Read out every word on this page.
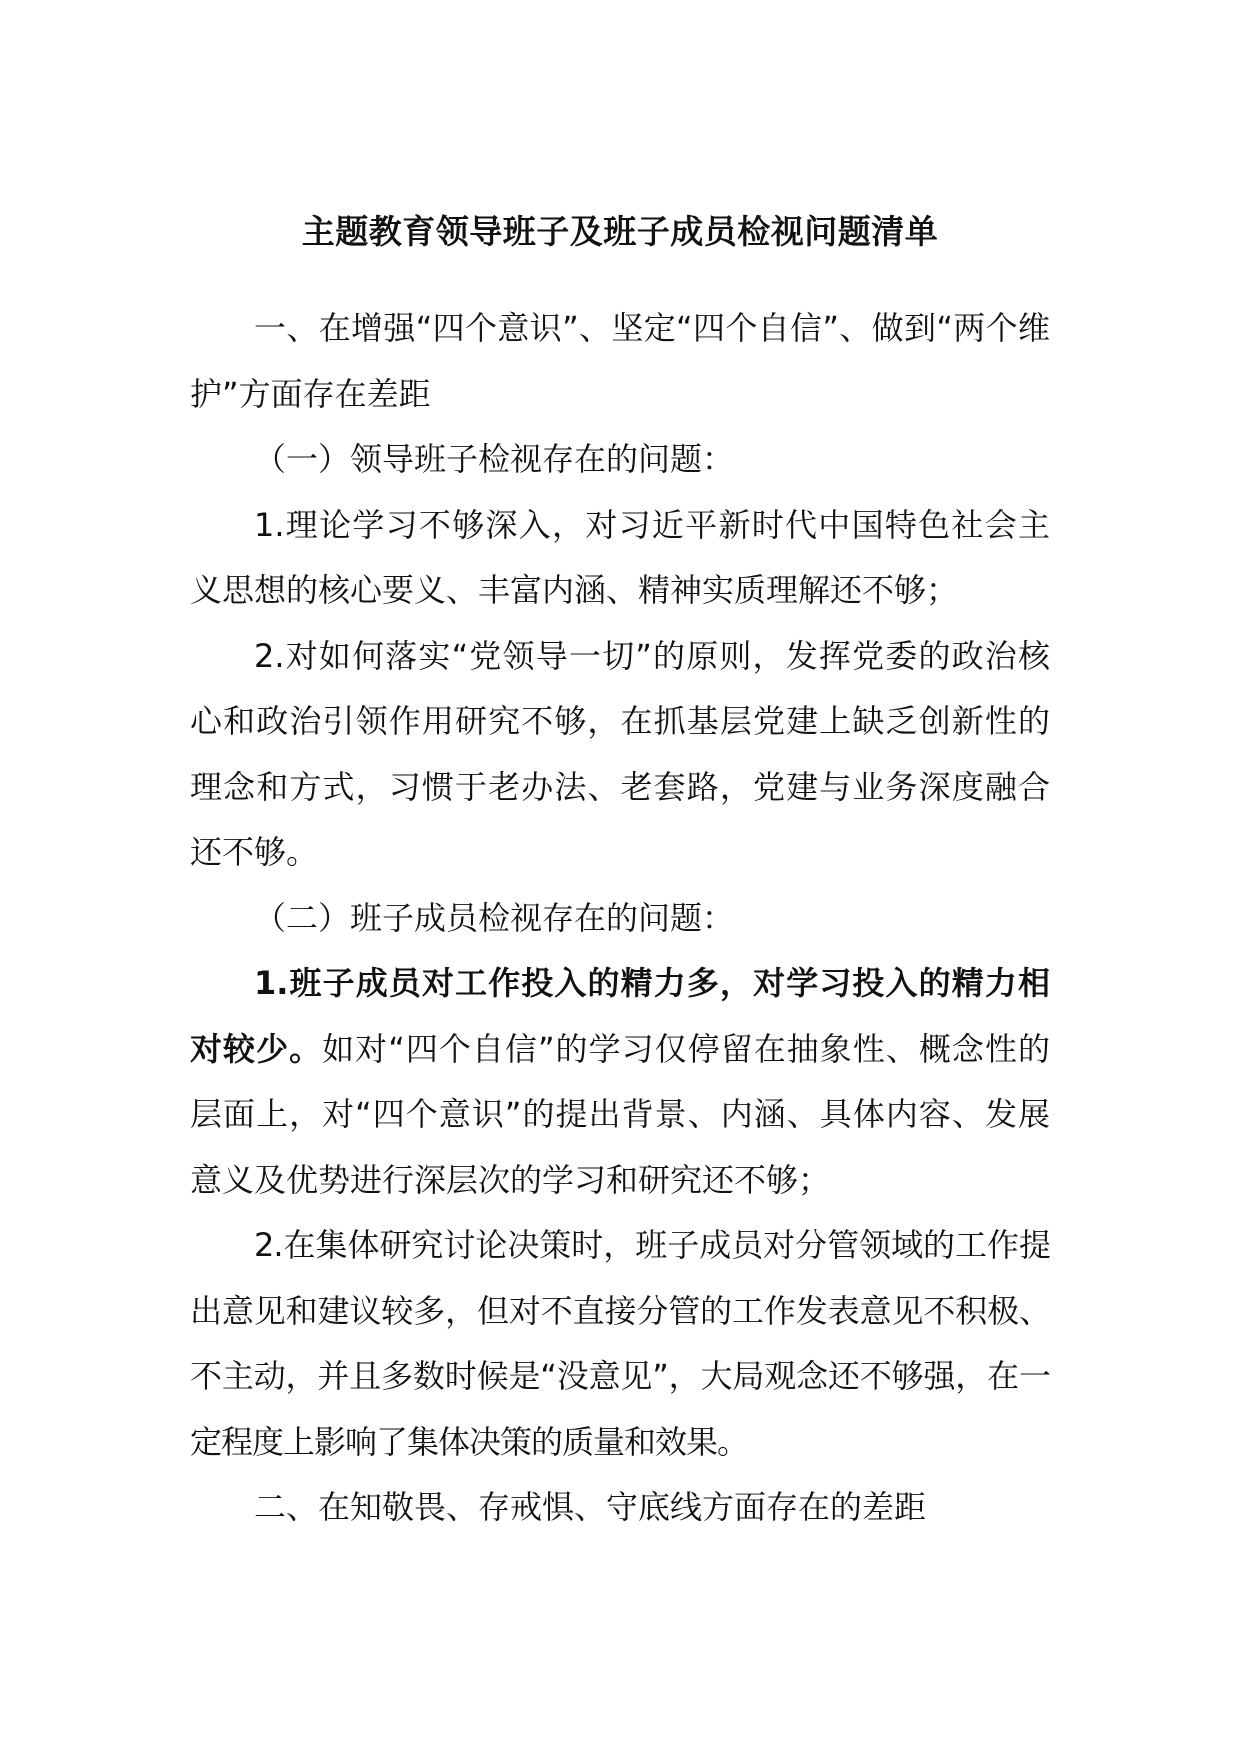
主题教育领导班子及班子成员检视问题清单

一、在增强“四个意识”、坚定“四个自信”、做到“两个维护”方面存在差距

（一）领导班子检视存在的问题：

1.理论学习不够深入，对习近平新时代中国特色社会主义思想的核心要义、丰富内涵、精神实质理解还不够；

2.对如何落实“党领导一切”的原则，发挥党委的政治核心和政治引领作用研究不够，在抓基层党建上缺乏创新性的理念和方式，习惯于老办法、老套路，党建与业务深度融合还不够。

（二）班子成员检视存在的问题：

1.班子成员对工作投入的精力多，对学习投入的精力相对较少。如对“四个自信”的学习仅停留在抽象性、概念性的层面上，对“四个意识”的提出背景、内涵、具体内容、发展意义及优势进行深层次的学习和研究还不够；

2.在集体研究讨论决策时，班子成员对分管领域的工作提出意见和建议较多，但对不直接分管的工作发表意见不积极、不主动，并且多数时候是“没意见”，大局观念还不够强，在一定程度上影响了集体决策的质量和效果。

二、在知敬畏、存戒惧、守底线方面存在的差距
